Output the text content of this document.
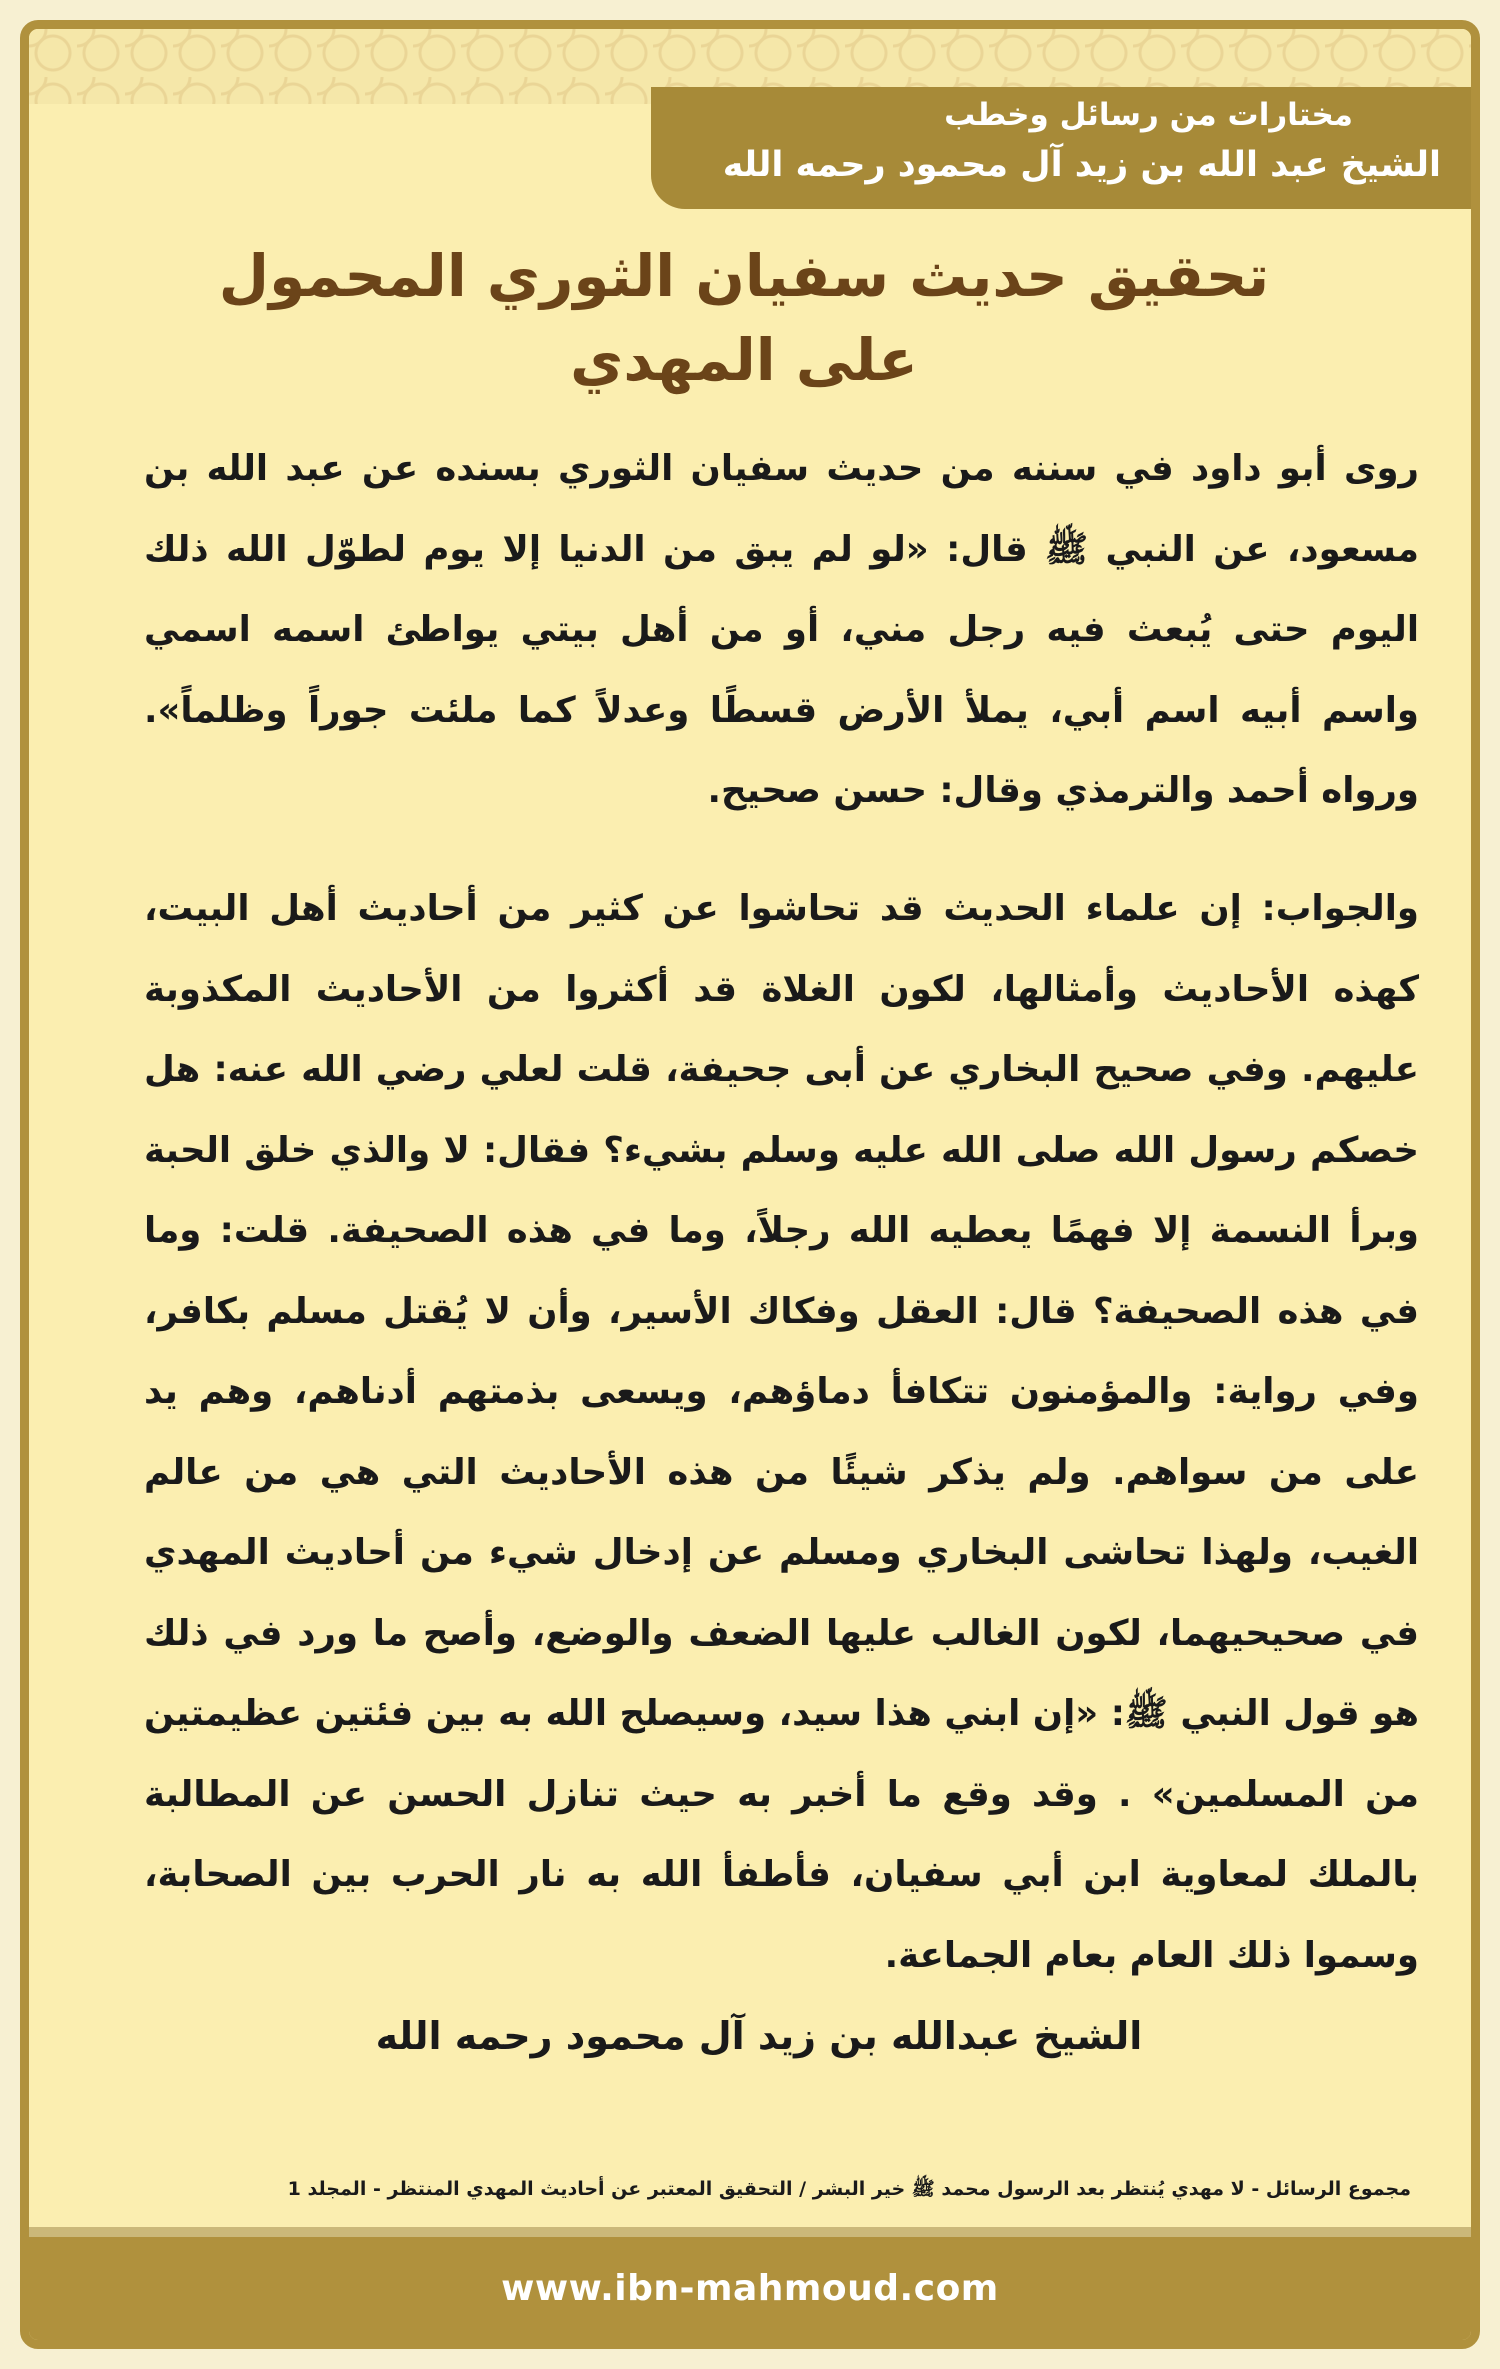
مختارات من رسائل وخطب

الشيخ عبد الله بن زيد آل محمود رحمه الله

تحقيق حديث سفيان الثوري المحمول على المهدي

روى أبو داود في سننه من حديث سفيان الثوري بسنده عن عبد الله بن مسعود، عن النبي ﷺ قال: «لو لم يبق من الدنيا إلا يوم لطوّل الله ذلك اليوم حتى يُبعث فيه رجل مني، أو من أهل بيتي يواطئ اسمه اسمي واسم أبيه اسم أبي، يملأ الأرض قسطًا وعدلاً كما ملئت جوراً وظلماً». ورواه أحمد والترمذي وقال: حسن صحيح.

والجواب: إن علماء الحديث قد تحاشوا عن كثير من أحاديث أهل البيت، كهذه الأحاديث وأمثالها، لكون الغلاة قد أكثروا من الأحاديث المكذوبة عليهم. وفي صحيح البخاري عن أبى جحيفة، قلت لعلي رضي الله عنه: هل خصكم رسول الله صلى الله عليه وسلم بشيء؟ فقال: لا والذي خلق الحبة وبرأ النسمة إلا فهمًا يعطيه الله رجلاً، وما في هذه الصحيفة. قلت: وما في هذه الصحيفة؟ قال: العقل وفكاك الأسير، وأن لا يُقتل مسلم بكافر، وفي رواية: والمؤمنون تتكافأ دماؤهم، ويسعى بذمتهم أدناهم، وهم يد على من سواهم. ولم يذكر شيئًا من هذه الأحاديث التي هي من عالم الغيب، ولهذا تحاشى البخاري ومسلم عن إدخال شيء من أحاديث المهدي في صحيحيهما، لكون الغالب عليها الضعف والوضع، وأصح ما ورد في ذلك هو قول النبي ﷺ: «إن ابني هذا سيد، وسيصلح الله به بين فئتين عظيمتين من المسلمين» . وقد وقع ما أخبر به حيث تنازل الحسن عن المطالبة بالملك لمعاوية ابن أبي سفيان، فأطفأ الله به نار الحرب بين الصحابة، وسموا ذلك العام بعام الجماعة.

الشيخ عبدالله بن زيد آل محمود رحمه الله

مجموع الرسائل - لا مهدي يُنتظر بعد الرسول محمد ﷺ خير البشر / التحقيق المعتبر عن أحاديث المهدي المنتظر - المجلد 1

www.ibn-mahmoud.com
